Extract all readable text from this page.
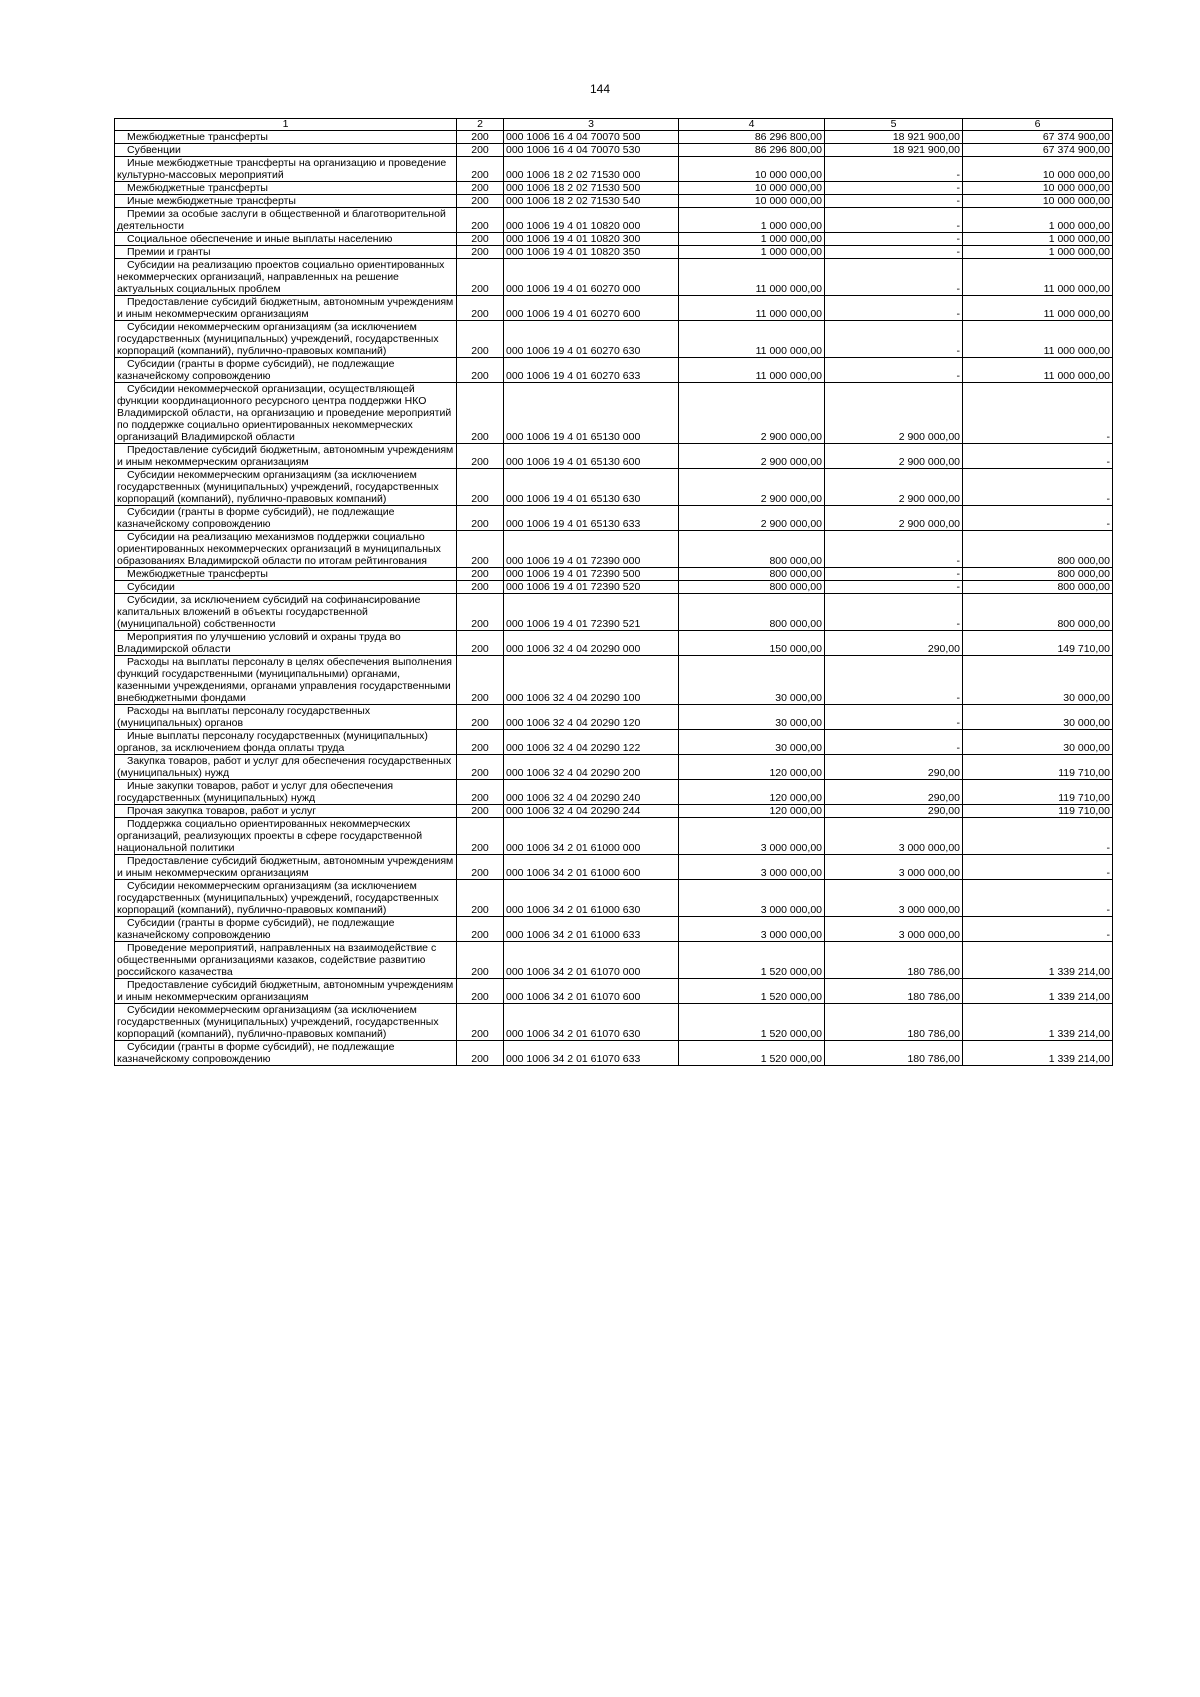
144
1	2	3	4	5	6
Межбюджетные трансферты	200	000 1006 16 4 04 70070 500	86 296 800,00	18 921 900,00	67 374 900,00
Субвенции	200	000 1006 16 4 04 70070 530	86 296 800,00	18 921 900,00	67 374 900,00
Иные межбюджетные трансферты на организацию и проведение культурно-массовых мероприятий	200	000 1006 18 2 02 71530 000	10 000 000,00	-	10 000 000,00
Межбюджетные трансферты	200	000 1006 18 2 02 71530 500	10 000 000,00	-	10 000 000,00
Иные межбюджетные трансферты	200	000 1006 18 2 02 71530 540	10 000 000,00	-	10 000 000,00
Премии за особые заслуги в общественной и благотворительной деятельности	200	000 1006 19 4 01 10820 000	1 000 000,00	-	1 000 000,00
Социальное обеспечение и иные выплаты населению	200	000 1006 19 4 01 10820 300	1 000 000,00	-	1 000 000,00
Премии и гранты	200	000 1006 19 4 01 10820 350	1 000 000,00	-	1 000 000,00
Субсидии на реализацию проектов социально ориентированных некоммерческих организаций, направленных на решение актуальных социальных проблем	200	000 1006 19 4 01 60270 000	11 000 000,00	-	11 000 000,00
Предоставление субсидий бюджетным, автономным учреждениям и иным некоммерческим организациям	200	000 1006 19 4 01 60270 600	11 000 000,00	-	11 000 000,00
Субсидии некоммерческим организациям (за исключением государственных (муниципальных) учреждений, государственных корпораций (компаний), публично-правовых компаний)	200	000 1006 19 4 01 60270 630	11 000 000,00	-	11 000 000,00
Субсидии (гранты в форме субсидий), не подлежащие казначейскому сопровождению	200	000 1006 19 4 01 60270 633	11 000 000,00	-	11 000 000,00
Субсидии некоммерческой организации, осуществляющей функции координационного ресурсного центра поддержки НКО Владимирской области, на организацию и проведение мероприятий по поддержке социально ориентированных некоммерческих организаций Владимирской области	200	000 1006 19 4 01 65130 000	2 900 000,00	2 900 000,00	-
Предоставление субсидий бюджетным, автономным учреждениям и иным некоммерческим организациям	200	000 1006 19 4 01 65130 600	2 900 000,00	2 900 000,00	-
Субсидии некоммерческим организациям (за исключением государственных (муниципальных) учреждений, государственных корпораций (компаний), публично-правовых компаний)	200	000 1006 19 4 01 65130 630	2 900 000,00	2 900 000,00	-
Субсидии (гранты в форме субсидий), не подлежащие казначейскому сопровождению	200	000 1006 19 4 01 65130 633	2 900 000,00	2 900 000,00	-
Субсидии на реализацию механизмов поддержки социально ориентированных некоммерческих организаций в муниципальных образованиях Владимирской области по итогам рейтингования	200	000 1006 19 4 01 72390 000	800 000,00	-	800 000,00
Межбюджетные трансферты	200	000 1006 19 4 01 72390 500	800 000,00	-	800 000,00
Субсидии	200	000 1006 19 4 01 72390 520	800 000,00	-	800 000,00
Субсидии, за исключением субсидий на софинансирование капитальных вложений в объекты государственной (муниципальной) собственности	200	000 1006 19 4 01 72390 521	800 000,00	-	800 000,00
Мероприятия по улучшению условий и охраны труда во Владимирской области	200	000 1006 32 4 04 20290 000	150 000,00	290,00	149 710,00
Расходы на выплаты персоналу в целях обеспечения выполнения функций государственными (муниципальными) органами, казенными учреждениями, органами управления государственными внебюджетными фондами	200	000 1006 32 4 04 20290 100	30 000,00	-	30 000,00
Расходы на выплаты персоналу государственных (муниципальных) органов	200	000 1006 32 4 04 20290 120	30 000,00	-	30 000,00
Иные выплаты персоналу государственных (муниципальных) органов, за исключением фонда оплаты труда	200	000 1006 32 4 04 20290 122	30 000,00	-	30 000,00
Закупка товаров, работ и услуг для обеспечения государственных (муниципальных) нужд	200	000 1006 32 4 04 20290 200	120 000,00	290,00	119 710,00
Иные закупки товаров, работ и услуг для обеспечения государственных (муниципальных) нужд	200	000 1006 32 4 04 20290 240	120 000,00	290,00	119 710,00
Прочая закупка товаров, работ и услуг	200	000 1006 32 4 04 20290 244	120 000,00	290,00	119 710,00
Поддержка социально ориентированных некоммерческих организаций, реализующих проекты в сфере государственной национальной политики	200	000 1006 34 2 01 61000 000	3 000 000,00	3 000 000,00	-
Предоставление субсидий бюджетным, автономным учреждениям и иным некоммерческим организациям	200	000 1006 34 2 01 61000 600	3 000 000,00	3 000 000,00	-
Субсидии некоммерческим организациям (за исключением государственных (муниципальных) учреждений, государственных корпораций (компаний), публично-правовых компаний)	200	000 1006 34 2 01 61000 630	3 000 000,00	3 000 000,00	-
Субсидии (гранты в форме субсидий), не подлежащие казначейскому сопровождению	200	000 1006 34 2 01 61000 633	3 000 000,00	3 000 000,00	-
Проведение мероприятий, направленных на взаимодействие с общественными организациями казаков, содействие развитию российского казачества	200	000 1006 34 2 01 61070 000	1 520 000,00	180 786,00	1 339 214,00
Предоставление субсидий бюджетным, автономным учреждениям и иным некоммерческим организациям	200	000 1006 34 2 01 61070 600	1 520 000,00	180 786,00	1 339 214,00
Субсидии некоммерческим организациям (за исключением государственных (муниципальных) учреждений, государственных корпораций (компаний), публично-правовых компаний)	200	000 1006 34 2 01 61070 630	1 520 000,00	180 786,00	1 339 214,00
Субсидии (гранты в форме субсидий), не подлежащие казначейскому сопровождению	200	000 1006 34 2 01 61070 633	1 520 000,00	180 786,00	1 339 214,00
